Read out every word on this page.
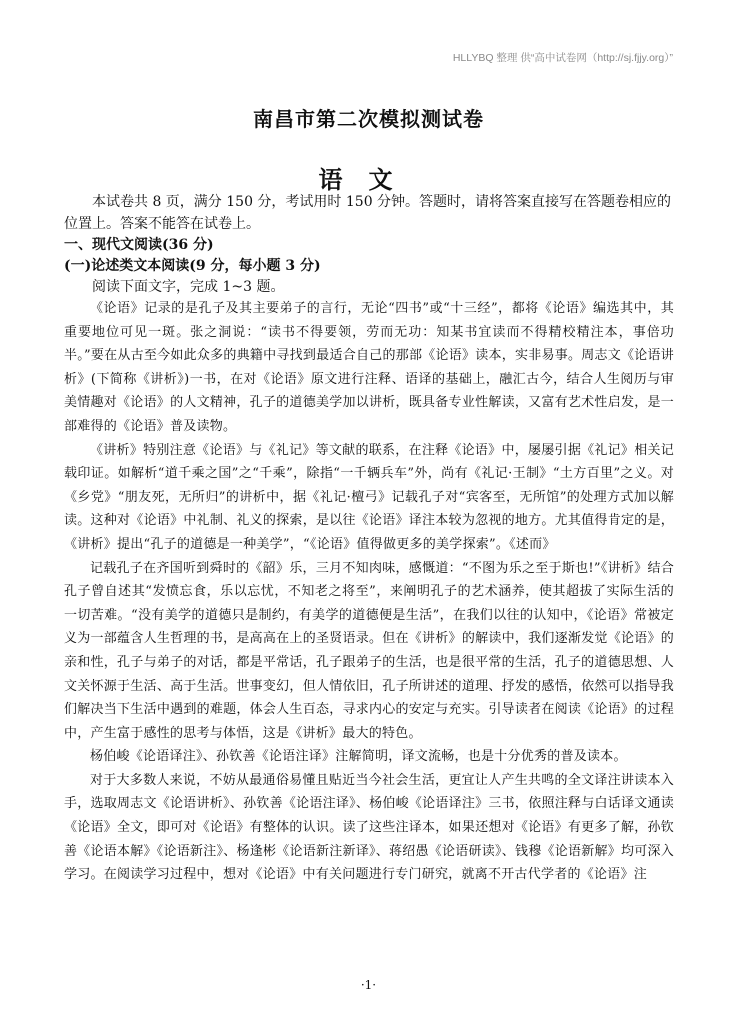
HLLYBQ 整理 供“高中试卷网（http://sj.fjjy.org）”
南昌市第二次模拟测试卷
语文

本试卷共 8 页，满分 150 分，考试用时 150 分钟。答题时，请将答案直接写在答题卷相应的位置上。答案不能答在试卷上。

一、现代文阅读(36 分)

(一)论述类文本阅读(9 分，每小题 3 分)

阅读下面文字，完成 1~3 题。

《论语》记录的是孔子及其主要弟子的言行，无论“四书”或“十三经”，都将《论语》编选其中，其重要地位可见一斑。张之洞说：“读书不得要领，劳而无功：知某书宜读而不得精校精注本，事倍功半。”要在从古至今如此众多的典籍中寻找到最适合自己的那部《论语》读本，实非易事。周志文《论语讲析》(下简称《讲析》)一书，在对《论语》原文进行注释、语译的基础上，融汇古今，结合人生阅历与审美情趣对《论语》的人文精神，孔子的道德美学加以讲析，既具备专业性解读，又富有艺术性启发，是一部难得的《论语》普及读物。

《讲析》特别注意《论语》与《礼记》等文献的联系，在注释《论语》中，屡屡引据《礼记》相关记载印证。如解析“道千乘之国”之“千乘”，除指“一千辆兵车”外，尚有《礼记·王制》“土方百里”之义。对《乡党》“朋友死，无所归”的讲析中，据《礼记·檀弓》记载孔子对“宾客至，无所馆”的处理方式加以解读。这种对《论语》中礼制、礼义的探索，是以往《论语》译注本较为忽视的地方。尤其值得肯定的是，《讲析》提出“孔子的道德是一种美学”，“《论语》值得做更多的美学探索”。《述而》

记载孔子在齐国听到舜时的《韶》乐，三月不知肉味，感慨道：“不图为乐之至于斯也!”《讲析》结合孔子曾自述其“发愤忘食，乐以忘忧，不知老之将至”，来阐明孔子的艺术涵养，使其超拔了实际生活的一切苦难。“没有美学的道德只是制约，有美学的道德便是生活”，在我们以往的认知中，《论语》常被定义为一部蕴含人生哲理的书，是高高在上的圣贤语录。但在《讲析》的解读中，我们逐渐发觉《论语》的亲和性，孔子与弟子的对话，都是平常话，孔子跟弟子的生活，也是很平常的生活，孔子的道德思想、人文关怀源于生活、高于生活。世事变幻，但人情依旧，孔子所讲述的道理、抒发的感悟，依然可以指导我们解决当下生活中遇到的难题，体会人生百态，寻求内心的安定与充实。引导读者在阅读《论语》的过程中，产生富于感性的思考与体悟，这是《讲析》最大的特色。

杨伯峻《论语译注》、孙钦善《论语注译》注解简明，译文流畅，也是十分优秀的普及读本。

对于大多数人来说，不妨从最通俗易懂且贴近当今社会生活，更宜让人产生共鸣的全文译注讲读本入手，选取周志文《论语讲析》、孙钦善《论语注译》、杨伯峻《论语译注》三书，依照注释与白话译文通读《论语》全文，即可对《论语》有整体的认识。读了这些注译本，如果还想对《论语》有更多了解，孙钦善《论语本解》《论语新注》、杨逢彬《论语新注新译》、蒋绍愚《论语研读》、钱穆《论语新解》均可深入学习。在阅读学习过程中，想对《论语》中有关问题进行专门研究，就离不开古代学者的《论语》注

·1·
